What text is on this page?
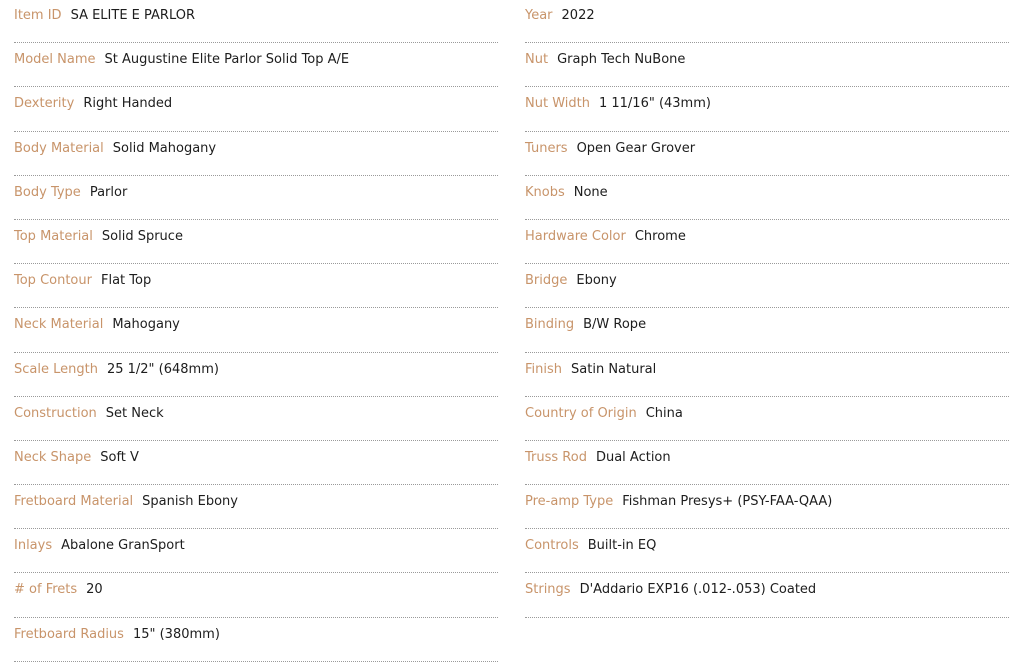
Item ID SA ELITE E PARLOR
Model Name St Augustine Elite Parlor Solid Top A/E
Dexterity Right Handed
Body Material Solid Mahogany
Body Type Parlor
Top Material Solid Spruce
Top Contour Flat Top
Neck Material Mahogany
Scale Length 25 1/2" (648mm)
Construction Set Neck
Neck Shape Soft V
Fretboard Material Spanish Ebony
Inlays Abalone GranSport
# of Frets 20
Fretboard Radius 15" (380mm)
Year 2022
Nut Graph Tech NuBone
Nut Width 1 11/16" (43mm)
Tuners Open Gear Grover
Knobs None
Hardware Color Chrome
Bridge Ebony
Binding B/W Rope
Finish Satin Natural
Country of Origin China
Truss Rod Dual Action
Pre-amp Type Fishman Presys+ (PSY-FAA-QAA)
Controls Built-in EQ
Strings D'Addario EXP16 (.012-.053) Coated
